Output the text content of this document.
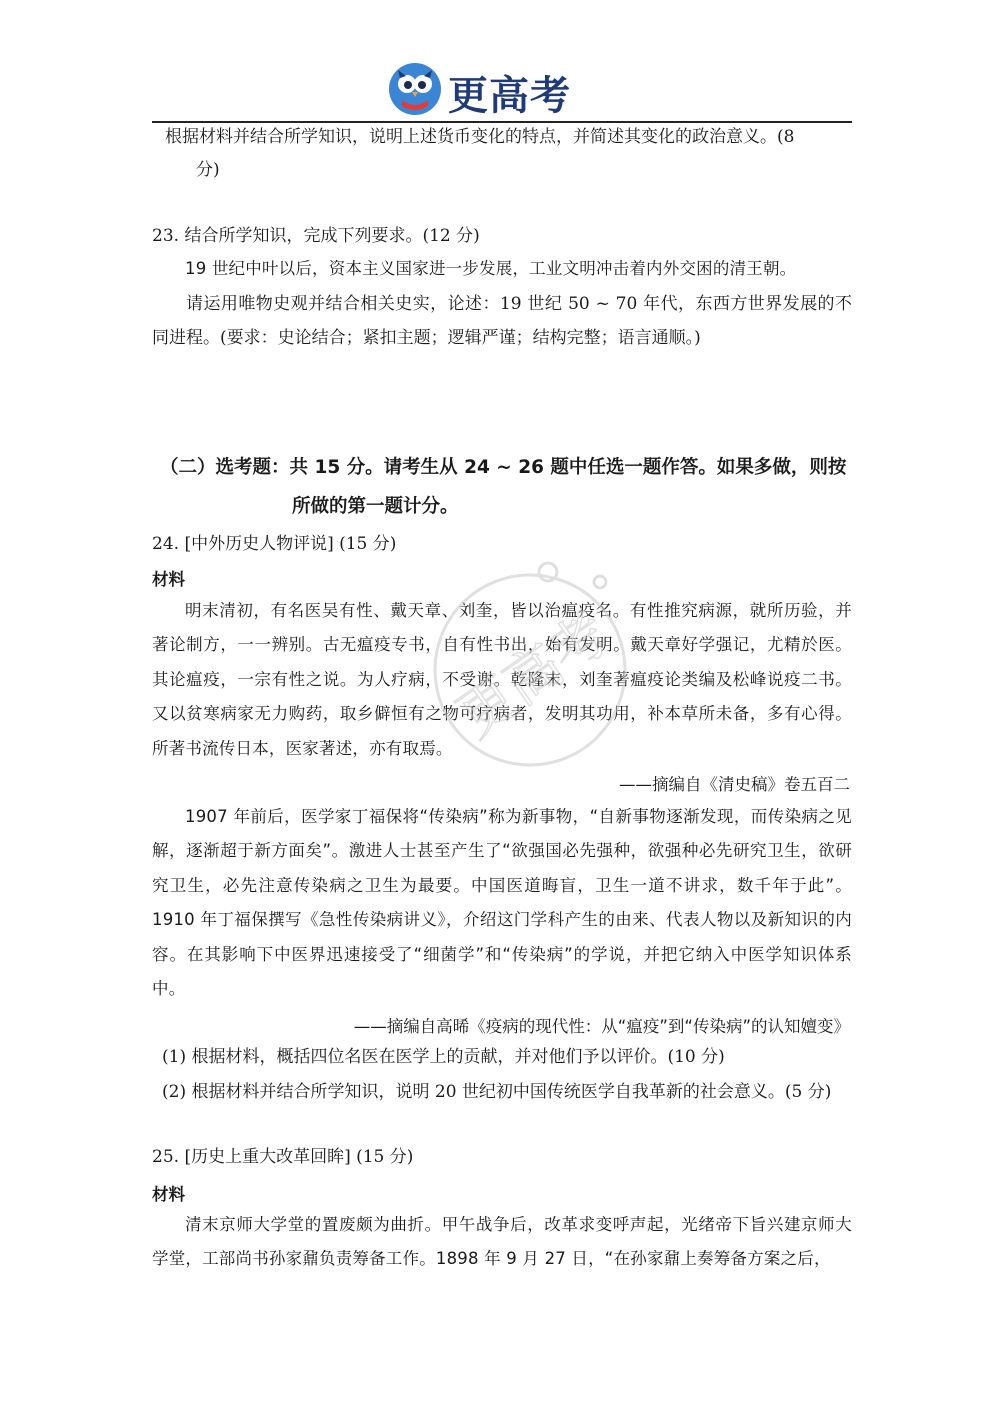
更高考
根据材料并结合所学知识，说明上述货币变化的特点，并简述其变化的政治意义。(8
分)
23. 结合所学知识，完成下列要求。(12 分)

19 世纪中叶以后，资本主义国家进一步发展，工业文明冲击着内外交困的清王朝。

请运用唯物史观并结合相关史实，论述：19 世纪 50 ~ 70 年代，东西方世界发展的不同进程。(要求：史论结合；紧扣主题；逻辑严谨；结构完整；语言通顺。)

（二）选考题：共 15 分。请考生从 24 ~ 26 题中任选一题作答。如果多做，则按
所做的第一题计分。
24. [中外历史人物评说] (15 分)
材料

明末清初，有名医吴有性、戴天章、刘奎，皆以治瘟疫名。有性推究病源，就所历验，并著论制方，一一辨别。古无瘟疫专书，自有性书出，始有发明。戴天章好学强记，尤精於医。其论瘟疫，一宗有性之说。为人疗病，不受谢。乾隆末，刘奎著瘟疫论类编及松峰说疫二书。又以贫寒病家无力购药，取乡僻恒有之物可疗病者，发明其功用，补本草所未备，多有心得。所著书流传日本，医家著述，亦有取焉。

——摘编自《清史稿》卷五百二

1907 年前后，医学家丁福保将“传染病”称为新事物，“自新事物逐渐发现，而传染病之见解，逐渐超于新方面矣”。激进人士甚至产生了“欲强国必先强种，欲强种必先研究卫生，欲研究卫生，必先注意传染病之卫生为最要。中国医道晦盲，卫生一道不讲求，数千年于此”。1910 年丁福保撰写《急性传染病讲义》，介绍这门学科产生的由来、代表人物以及新知识的内容。在其影响下中医界迅速接受了“细菌学”和“传染病”的学说，并把它纳入中医学知识体系中。

——摘编自高晞《疫病的现代性：从“瘟疫”到“传染病”的认知嬗变》
(1) 根据材料，概括四位名医在医学上的贡献，并对他们予以评价。(10 分)
(2) 根据材料并结合所学知识，说明 20 世纪初中国传统医学自我革新的社会意义。(5 分)
25. [历史上重大改革回眸] (15 分)
材料

清末京师大学堂的置废颇为曲折。甲午战争后，改革求变呼声起，光绪帝下旨兴建京师大学堂，工部尚书孙家鼐负责筹备工作。1898 年 9 月 27 日，“在孙家鼐上奏筹备方案之后，

更高考
